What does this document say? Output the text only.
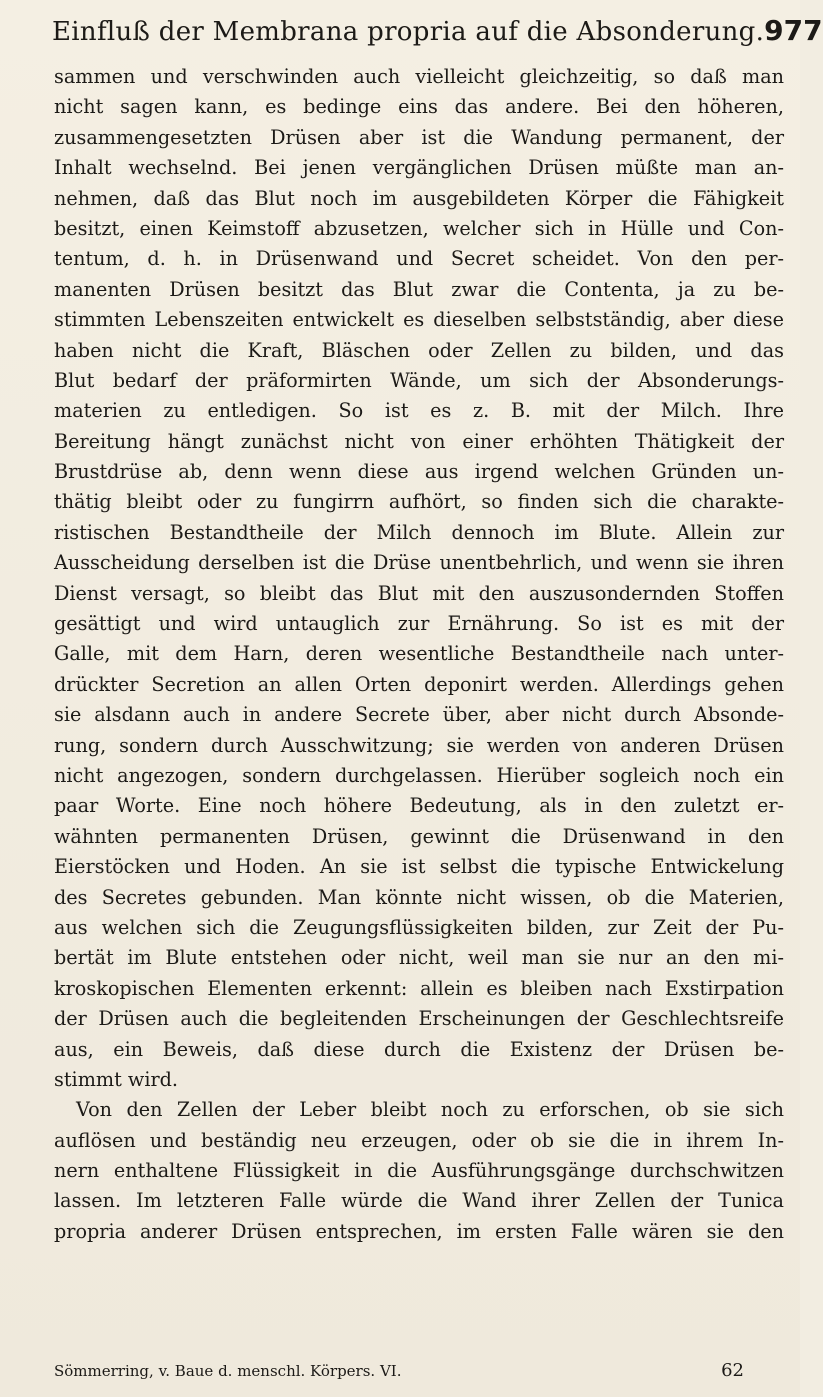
Einfluß der Membrana propria auf die Absonderung. 977
sammen und verschwinden auch vielleicht gleichzeitig, so daß man
nicht sagen kann, es bedinge eins das andere. Bei den höheren,
zusammengesetzten Drüsen aber ist die Wandung permanent, der
Inhalt wechselnd. Bei jenen vergänglichen Drüsen müßte man an-
nehmen, daß das Blut noch im ausgebildeten Körper die Fähigkeit
besitzt, einen Keimstoff abzusetzen, welcher sich in Hülle und Con-
tentum, d. h. in Drüsenwand und Secret scheidet. Von den per-
manenten Drüsen besitzt das Blut zwar die Contenta, ja zu be-
stimmten Lebenszeiten entwickelt es dieselben selbstständig, aber diese
haben nicht die Kraft, Bläschen oder Zellen zu bilden, und das
Blut bedarf der präformirten Wände, um sich der Absonderungs-
materien zu entledigen. So ist es z. B. mit der Milch. Ihre
Bereitung hängt zunächst nicht von einer erhöhten Thätigkeit der
Brustdrüse ab, denn wenn diese aus irgend welchen Gründen un-
thätig bleibt oder zu fungirrn aufhört, so finden sich die charakte-
ristischen Bestandtheile der Milch dennoch im Blute. Allein zur
Ausscheidung derselben ist die Drüse unentbehrlich, und wenn sie ihren
Dienst versagt, so bleibt das Blut mit den auszusondernden Stoffen
gesättigt und wird untauglich zur Ernährung. So ist es mit der
Galle, mit dem Harn, deren wesentliche Bestandtheile nach unter-
drückter Secretion an allen Orten deponirt werden. Allerdings gehen
sie alsdann auch in andere Secrete über, aber nicht durch Absonde-
rung, sondern durch Ausschwitzung; sie werden von anderen Drüsen
nicht angezogen, sondern durchgelassen. Hierüber sogleich noch ein
paar Worte. Eine noch höhere Bedeutung, als in den zuletzt er-
wähnten permanenten Drüsen, gewinnt die Drüsenwand in den
Eierstöcken und Hoden. An sie ist selbst die typische Entwickelung
des Secretes gebunden. Man könnte nicht wissen, ob die Materien,
aus welchen sich die Zeugungsflüssigkeiten bilden, zur Zeit der Pu-
bertät im Blute entstehen oder nicht, weil man sie nur an den mi-
kroskopischen Elementen erkennt: allein es bleiben nach Exstirpation
der Drüsen auch die begleitenden Erscheinungen der Geschlechtsreife
aus, ein Beweis, daß diese durch die Existenz der Drüsen be-
stimmt wird.
Von den Zellen der Leber bleibt noch zu erforschen, ob sie sich
auflösen und beständig neu erzeugen, oder ob sie die in ihrem In-
nern enthaltene Flüssigkeit in die Ausführungsgänge durchschwitzen
lassen. Im letzteren Falle würde die Wand ihrer Zellen der Tunica
propria anderer Drüsen entsprechen, im ersten Falle wären sie den
Sömmerring, v. Baue d. menschl. Körpers. VI.	62
